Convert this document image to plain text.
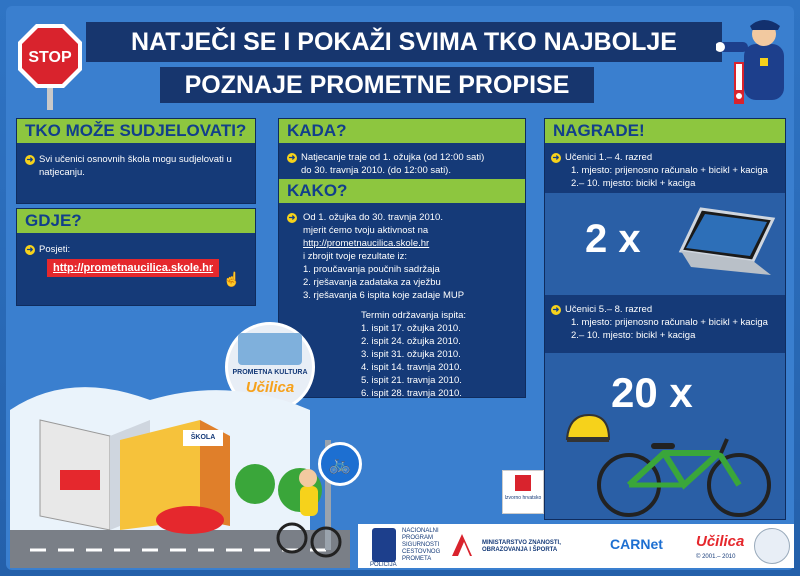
STOP
NATJEČI SE I POKAŽI SVIMA TKO NAJBOLJE
POZNAJE PROMETNE PROPISE
TKO MOŽE SUDJELOVATI?
➜ Svi učenici osnovnih škola mogu sudjelovati u
natjecanju.
GDJE?
➜ Posjeti:
http://prometnaucilica.skole.hr
☝
KADA?
➜ Natjecanje traje od 1. ožujka (od 12:00 sati)
do 30. travnja 2010. (do 12:00 sati).
KAKO?
➜ Od 1. ožujka do 30. travnja 2010.
mjerit ćemo tvoju aktivnost na
http://prometnaucilica.skole.hr
i zbrojit tvoje rezultate iz:
1. proučavanja poučnih sadržaja
2. rješavanja zadataka za vježbu
3. rješavanja 6 ispita koje zadaje MUP
Termin održavanja ispita:
1. ispit 17. ožujka 2010.
2. ispit 24. ožujka 2010.
3. ispit 31. ožujka 2010.
4. ispit 14. travnja 2010.
5. ispit 21. travnja 2010.
6. ispit 28. travnja 2010.
NAGRADE!
➜ Učenici 1.– 4. razred
1. mjesto: prijenosno računalo + bicikl + kaciga
2.– 10. mjesto: bicikl + kaciga
2 x
➜ Učenici 5.– 8. razred
1. mjesto: prijenosno računalo + bicikl + kaciga
2.– 10. mjesto: bicikl + kaciga
20 x
PROMETNA KULTURA
Učilica
ŠKOLA
🚲
Izvorno hrvatsko
POLICIJA
NACIONALNI
PROGRAM
SIGURNOSTI
CESTOVNOG
PROMETA
MINISTARSTVO ZNANOSTI, OBRAZOVANJA I ŠPORTA	CARNet Učilica
© 2001.– 2010
